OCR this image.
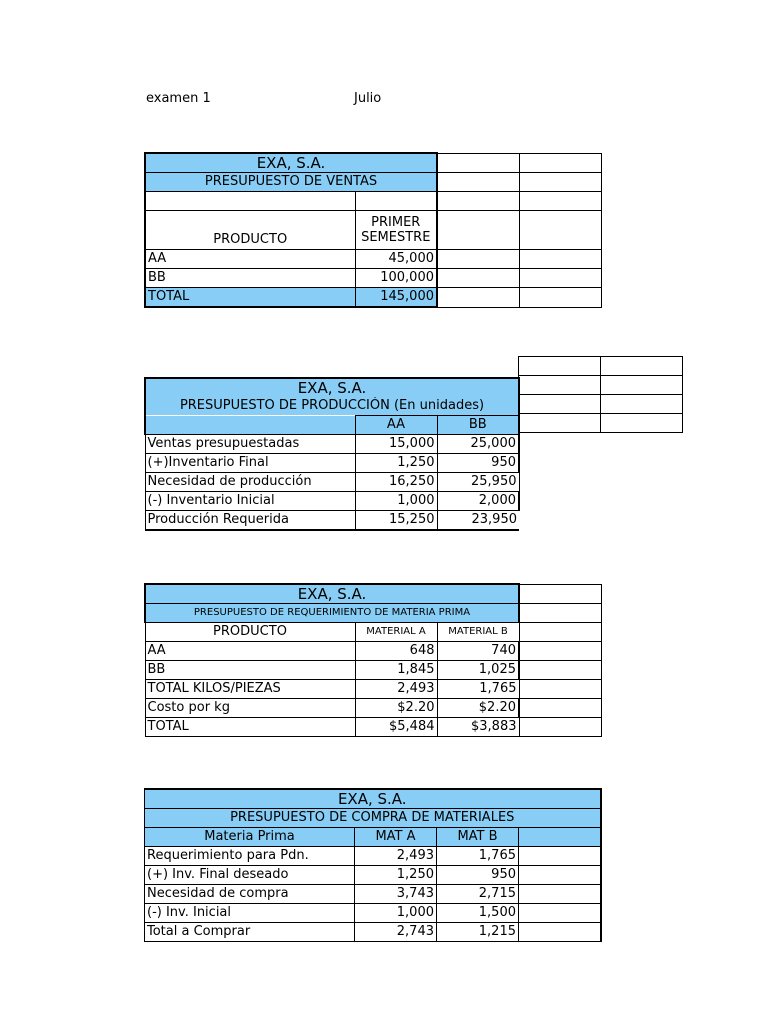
examen 1	Julio
EXA, S.A.			
PRESUPUESTO DE VENTAS			

PRODUCTO	PRIMER SEMESTRE		
AA	45,000		
BB	100,000		
TOTAL	145,000		

EXA, S.A.		
PRESUPUESTO DE PRODUCCIÓN (En unidades)		
	AA	BB
Ventas presupuestadas	15,000	25,000
(+)Inventario Final	1,250	950
Necesidad de producción	16,250	25,950
(-) Inventario Inicial	1,000	2,000
Producción Requerida	15,250	23,950
EXA, S.A.			
PRESUPUESTO DE REQUERIMIENTO DE MATERIA PRIMA			
PRODUCTO	MATERIAL A	MATERIAL B	
AA	648	740	
BB	1,845	1,025	
TOTAL KILOS/PIEZAS	2,493	1,765	
Costo por kg	$2.20	$2.20	
TOTAL	$5,484	$3,883	
EXA, S.A.			
PRESUPUESTO DE COMPRA DE MATERIALES			
Materia Prima	MAT A	MAT B	
Requerimiento para Pdn.	2,493	1,765	
(+) Inv. Final deseado	1,250	950	
Necesidad de compra	3,743	2,715	
(-) Inv. Inicial	1,000	1,500	
Total a Comprar	2,743	1,215	
